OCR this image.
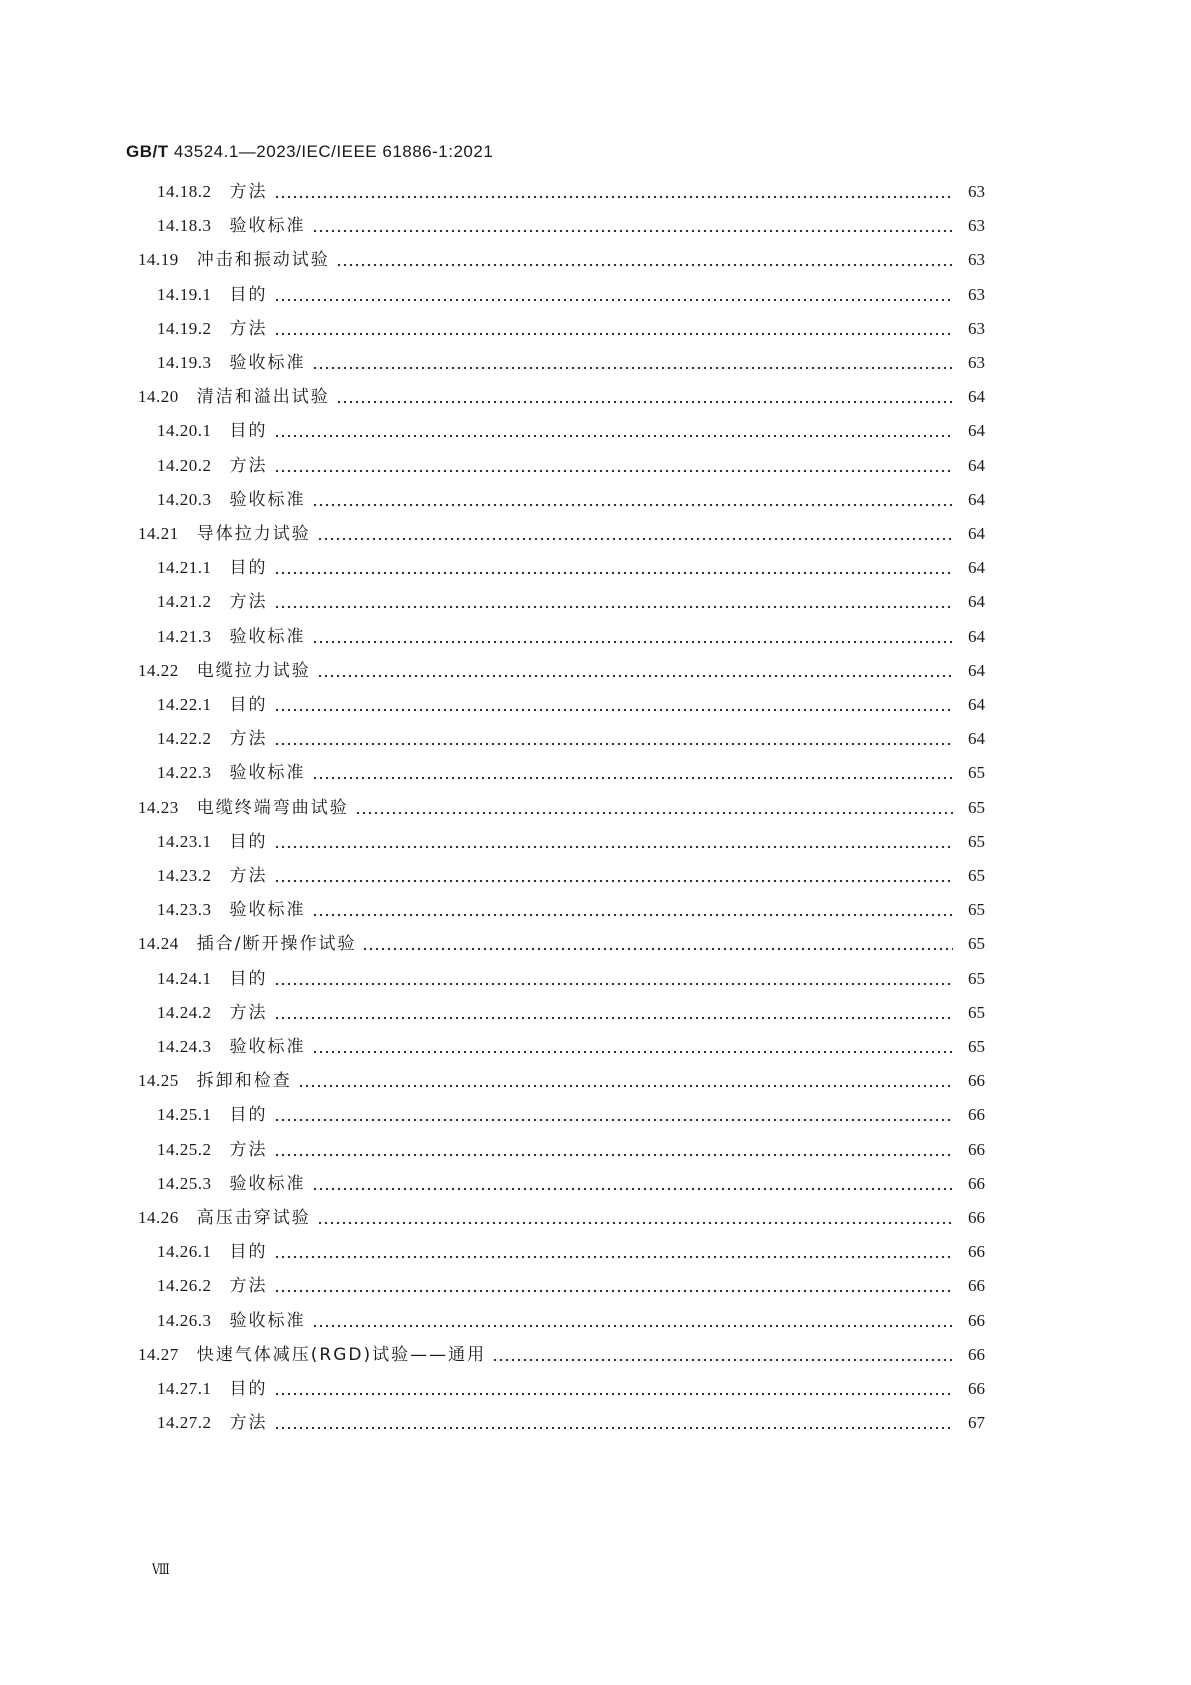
GB/T 43524.1—2023/IEC/IEEE 61886-1:2021
14.18.2 方法	63
14.18.3 验收标准	63
14.19 冲击和振动试验	63
14.19.1 目的	63
14.19.2 方法	63
14.19.3 验收标准	63
14.20 清洁和溢出试验	64
14.20.1 目的	64
14.20.2 方法	64
14.20.3 验收标准	64
14.21 导体拉力试验	64
14.21.1 目的	64
14.21.2 方法	64
14.21.3 验收标准	64
14.22 电缆拉力试验	64
14.22.1 目的	64
14.22.2 方法	64
14.22.3 验收标准	65
14.23 电缆终端弯曲试验	65
14.23.1 目的	65
14.23.2 方法	65
14.23.3 验收标准	65
14.24 插合/断开操作试验	65
14.24.1 目的	65
14.24.2 方法	65
14.24.3 验收标准	65
14.25 拆卸和检查	66
14.25.1 目的	66
14.25.2 方法	66
14.25.3 验收标准	66
14.26 高压击穿试验	66
14.26.1 目的	66
14.26.2 方法	66
14.26.3 验收标准	66
14.27 快速气体减压(RGD)试验——通用	66
14.27.1 目的	66
14.27.2 方法	67
Ⅷ
